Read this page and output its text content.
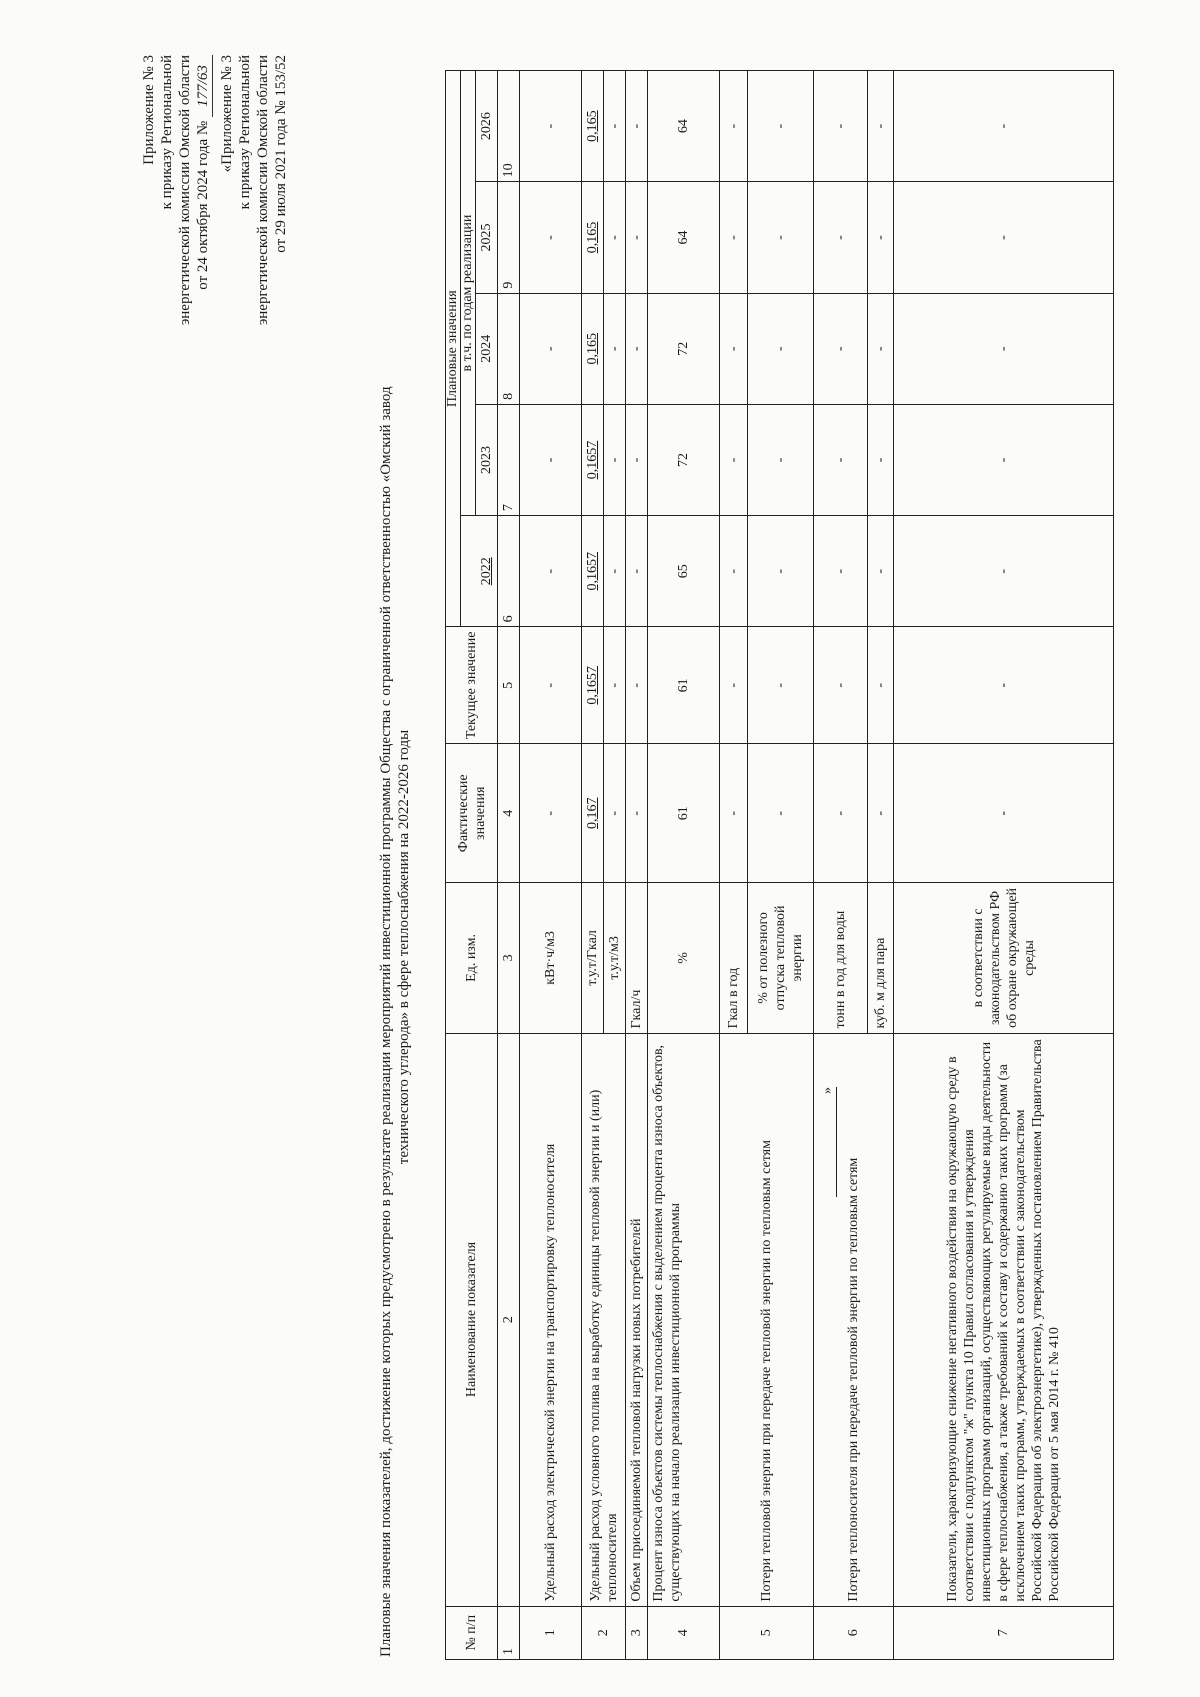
Приложение № 3 к приказу Региональной энергетической комиссии Омской области от 24 октября 2024 года № 177/63 «Приложение № 3 к приказу Региональной энергетической комиссии Омской области от 29 июля 2021 года № 153/52
Плановые значения показателей, достижение которых предусмотрено в результате реализации мероприятий инвестиционной программы Общества с ограниченной ответственностью «Омский завод технического углерода» в сфере теплоснабжения на 2022-2026 годы
№ п/п	Наименование показателя	Ед. изм.	Фактические значения	Текущее значение	Плановые значения				

					2022	в т.ч. по годам реализации			
						2023	2024	2025	2026
1	2	3	4	5	6	7	8	9	10
1	Удельный расход электрической энергии на транспортировку теплоносителя	кВт·ч/м3	-	-	-	-	-	-	-
2	Удельный расход условного топлива на выработку единицы тепловой энергии и (или) теплоносителя	т.у.т/Гкал	0,167	0,1657	0,1657	0,1657	0,165	0,165	0,165
		т.у.т/м3	-	-	-	-	-	-	-
3	Объем присоединяемой тепловой нагрузки новых потребителей	Гкал/ч	-	-	-	-	-	-	-
4	Процент износа объектов системы теплоснабжения с выделением процента износа объектов, существующих на начало реализации инвестиционной программы	%	61	61	65	72	72	64	64
5	Потери тепловой энергии при передаче тепловой энергии по тепловым сетям	Гкал в год	-	-	-	-	-	-	-
		% от полезного отпуска тепловой энергии	-	-	-	-	-	-	-
6	Потери теплоносителя при передаче тепловой энергии по тепловым сетям	тонн в год для воды	-	-	-	-	-	-	-
		куб. м для пара	-	-	-	-	-	-	-
7	Показатели, характеризующие снижение негативного воздействия на окружающую среду в соответствии с подпунктом "ж" пункта 10 Правил согласования и утверждения инвестиционных программ организаций, осуществляющих регулируемые виды деятельности в сфере теплоснабжения, а также требований к составу и содержанию таких программ (за исключением таких программ, утверждаемых в соответствии с законодательством Российской Федерации об электроэнергетике), утвержденных постановлением Правительства Российской Федерации от 5 мая 2014 г. № 410	в соответствии с законодательством РФ об охране окружающей среды	-	-	-	-	-	-	-
»
